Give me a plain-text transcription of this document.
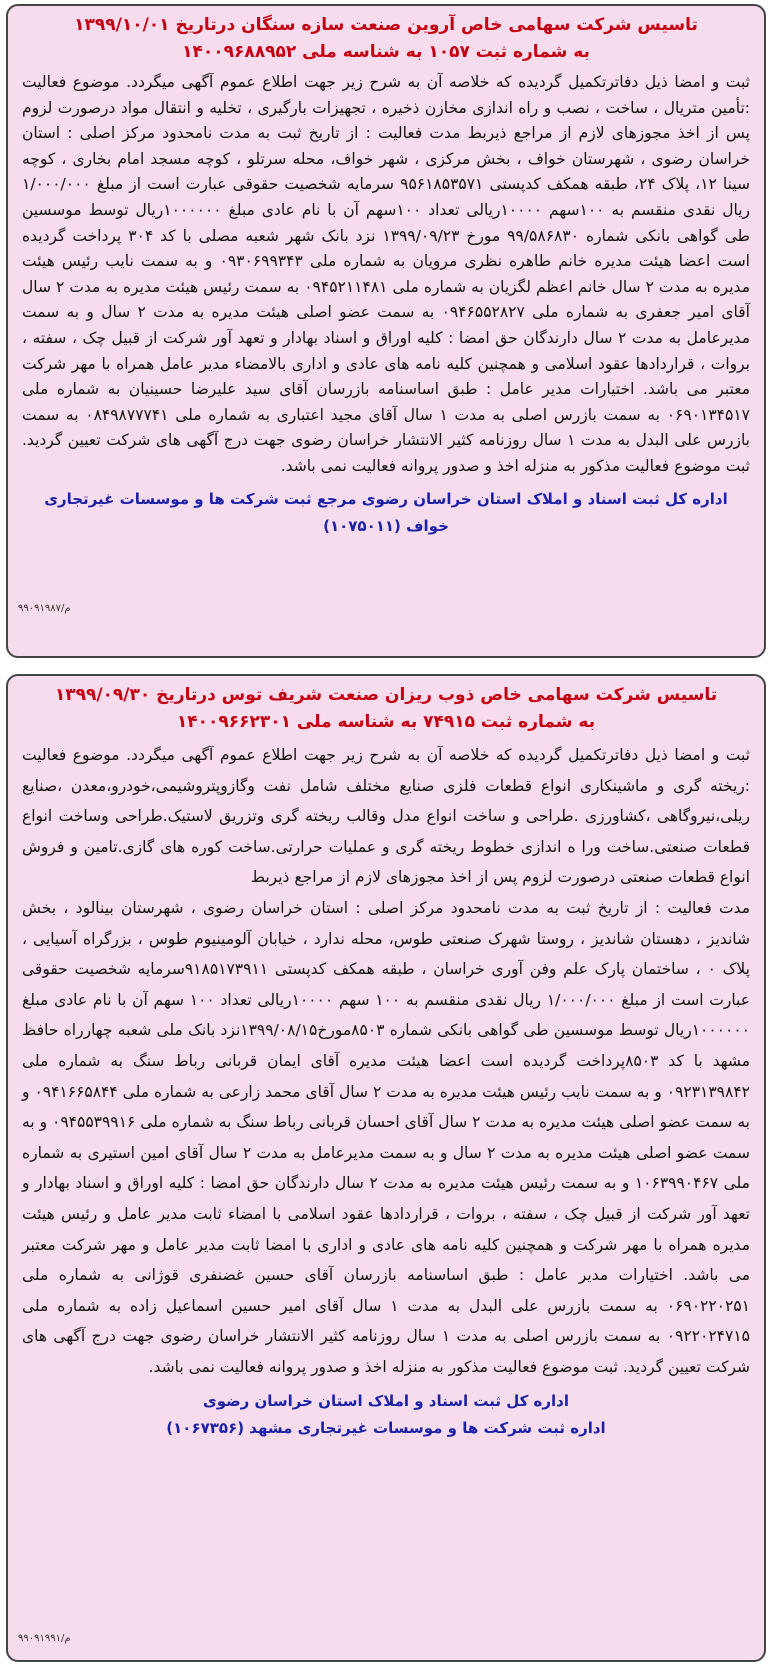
تاسیس شرکت سهامی خاص آروین صنعت سازه سنگان درتاریخ ۱۳۹۹/۱۰/۰۱
به شماره ثبت ۱۰۵۷ به شناسه ملی ۱۴۰۰۹۶۸۸۹۵۲

ثبت و امضا ذیل دفاترتکمیل گردیده که خلاصه آن به شرح زیر جهت اطلاع عموم آگهی میگردد. موضوع فعالیت :تأمین متریال ، ساخت ، نصب و راه اندازی مخازن ذخیره ، تجهیزات بارگیری ، تخلیه و انتقال مواد درصورت لزوم پس از اخذ مجوزهای لازم از مراجع ذیربط مدت فعالیت : از تاریخ ثبت به مدت نامحدود مرکز اصلی : استان خراسان رضوی ، شهرستان خواف ، بخش مرکزی ، شهر خواف، محله سرتلو ، کوچه مسجد امام بخاری ، کوچه سینا ۱۲، پلاک ۲۴، طبقه همکف کدپستی ۹۵۶۱۸۵۳۵۷۱ سرمایه شخصیت حقوقی عبارت است از مبلغ ۱/۰۰۰/۰۰۰ ریال نقدی منقسم به ۱۰۰سهم ۱۰۰۰۰ریالی تعداد ۱۰۰سهم آن با نام عادی مبلغ ۱۰۰۰۰۰۰ریال توسط موسسین طی گواهی بانکی شماره ۹۹/۵۸۶۸۳۰ مورخ ۱۳۹۹/۰۹/۲۳ نزد بانک شهر شعبه مصلی با کد ۳۰۴ پرداخت گردیده است اعضا هیئت مدیره خانم طاهره نظری مرویان به شماره ملی ۰۹۳۰۶۹۹۳۴۳ و به سمت نایب رئیس هیئت مدیره به مدت ۲ سال خانم اعظم لگزیان به شماره ملی ۰۹۴۵۲۱۱۴۸۱ به سمت رئیس هیئت مدیره به مدت ۲ سال آقای امیر جعفری به شماره ملی ۰۹۴۶۵۵۲۸۲۷ به سمت عضو اصلی هیئت مدیره به مدت ۲ سال و به سمت مدیرعامل به مدت ۲ سال دارندگان حق امضا : کلیه اوراق و اسناد بهادار و تعهد آور شرکت از قبیل چک ، سفته ، بروات ، قراردادها عقود اسلامی و همچنین کلیه نامه های عادی و اداری بالامضاء مدیر عامل همراه با مهر شرکت معتبر می باشد. اختیارات مدیر عامل : طبق اساسنامه بازرسان آقای سید علیرضا حسینیان به شماره ملی ۰۶۹۰۱۳۴۵۱۷ به سمت بازرس اصلی به مدت ۱ سال آقای مجید اعتباری به شماره ملی ۰۸۴۹۸۷۷۷۴۱ به سمت بازرس علی البدل به مدت ۱ سال روزنامه کثیر الانتشار خراسان رضوی جهت درج آگهی های شرکت تعیین گردید. ثبت موضوع فعالیت مذکور به منزله اخذ و صدور پروانه فعالیت نمی باشد.

م/۹۹۰۹۱۹۸۷
اداره کل ثبت اسناد و املاک استان خراسان رضوی مرجع ثبت شرکت ها و موسسات غیرتجاری خواف (۱۰۷۵۰۱۱)
تاسیس شرکت سهامی خاص ذوب ریزان صنعت شریف توس درتاریخ ۱۳۹۹/۰۹/۳۰
به شماره ثبت ۷۴۹۱۵ به شناسه ملی ۱۴۰۰۹۶۶۲۳۰۱

ثبت و امضا ذیل دفاترتکمیل گردیده که خلاصه آن به شرح زیر جهت اطلاع عموم آگهی میگردد. موضوع فعالیت :ریخته گری و ماشینکاری انواع قطعات فلزی صنایع مختلف شامل نفت وگازوپتروشیمی،خودرو،معدن ،صنایع ریلی،نیروگاهی ،کشاورزی .طراحی و ساخت انواع مدل وقالب ریخته گری وتزریق لاستیک.طراحی وساخت انواع قطعات صنعتی.ساخت ورا ه اندازی خطوط ریخته گری و عملیات حرارتی.ساخت کوره های گازی.تامین و فروش انواع قطعات صنعتی درصورت لزوم پس از اخذ مجوزهای لازم از مراجع ذیربط

مدت فعالیت : از تاریخ ثبت به مدت نامحدود مرکز اصلی : استان خراسان رضوی ، شهرستان بینالود ، بخش شاندیز ، دهستان شاندیز ، روستا شهرک صنعتی طوس، محله ندارد ، خیابان آلومینیوم طوس ، بزرگراه آسیایی ، پلاک ۰ ، ساختمان پارک علم وفن آوری خراسان ، طبقه همکف کدپستی ۹۱۸۵۱۷۳۹۱۱سرمایه شخصیت حقوقی عبارت است از مبلغ ۱/۰۰۰/۰۰۰ ریال نقدی منقسم به ۱۰۰ سهم ۱۰۰۰۰ریالی تعداد ۱۰۰ سهم آن با نام عادی مبلغ ۱۰۰۰۰۰۰ریال توسط موسسین طی گواهی بانکی شماره ۸۵۰۳مورخ۱۳۹۹/۰۸/۱۵نزد بانک ملی شعبه چهارراه حافظ مشهد با کد ۸۵۰۳پرداخت گردیده است اعضا هیئت مدیره آقای ایمان قربانی رباط سنگ به شماره ملی ۰۹۲۳۱۳۹۸۴۲ و به سمت نایب رئیس هیئت مدیره به مدت ۲ سال آقای محمد زارعی به شماره ملی ۰۹۴۱۶۶۵۸۴۴ و به سمت عضو اصلی هیئت مدیره به مدت ۲ سال آقای احسان قربانی رباط سنگ به شماره ملی ۰۹۴۵۵۳۹۹۱۶ و به سمت عضو اصلی هیئت مدیره به مدت ۲ سال و به سمت مدیرعامل به مدت ۲ سال آقای امین استیری به شماره ملی ۱۰۶۳۹۹۰۴۶۷ و به سمت رئیس هیئت مدیره به مدت ۲ سال دارندگان حق امضا : کلیه اوراق و اسناد بهادار و تعهد آور شرکت از قبیل چک ، سفته ، بروات ، قراردادها عقود اسلامی با امضاء ثابت مدیر عامل و رئیس هیئت مدیره همراه با مهر شرکت و همچنین کلیه نامه های عادی و اداری با امضا ثابت مدیر عامل و مهر شرکت معتبر می باشد. اختیارات مدیر عامل : طبق اساسنامه بازرسان آقای حسین غضنفری قوژانی به شماره ملی ۰۶۹۰۲۲۰۲۵۱ به سمت بازرس علی البدل به مدت ۱ سال آقای امیر حسین اسماعیل زاده به شماره ملی ۰۹۲۲۰۲۴۷۱۵ به سمت بازرس اصلی به مدت ۱ سال روزنامه کثیر الانتشار خراسان رضوی جهت درج آگهی های شرکت تعیین گردید. ثبت موضوع فعالیت مذکور به منزله اخذ و صدور پروانه فعالیت نمی باشد.

اداره کل ثبت اسناد و املاک استان خراسان رضوی
اداره ثبت شرکت ها و موسسات غیرتجاری مشهد (۱۰۶۷۳۵۶)
م/۹۹۰۹۱۹۹۱
